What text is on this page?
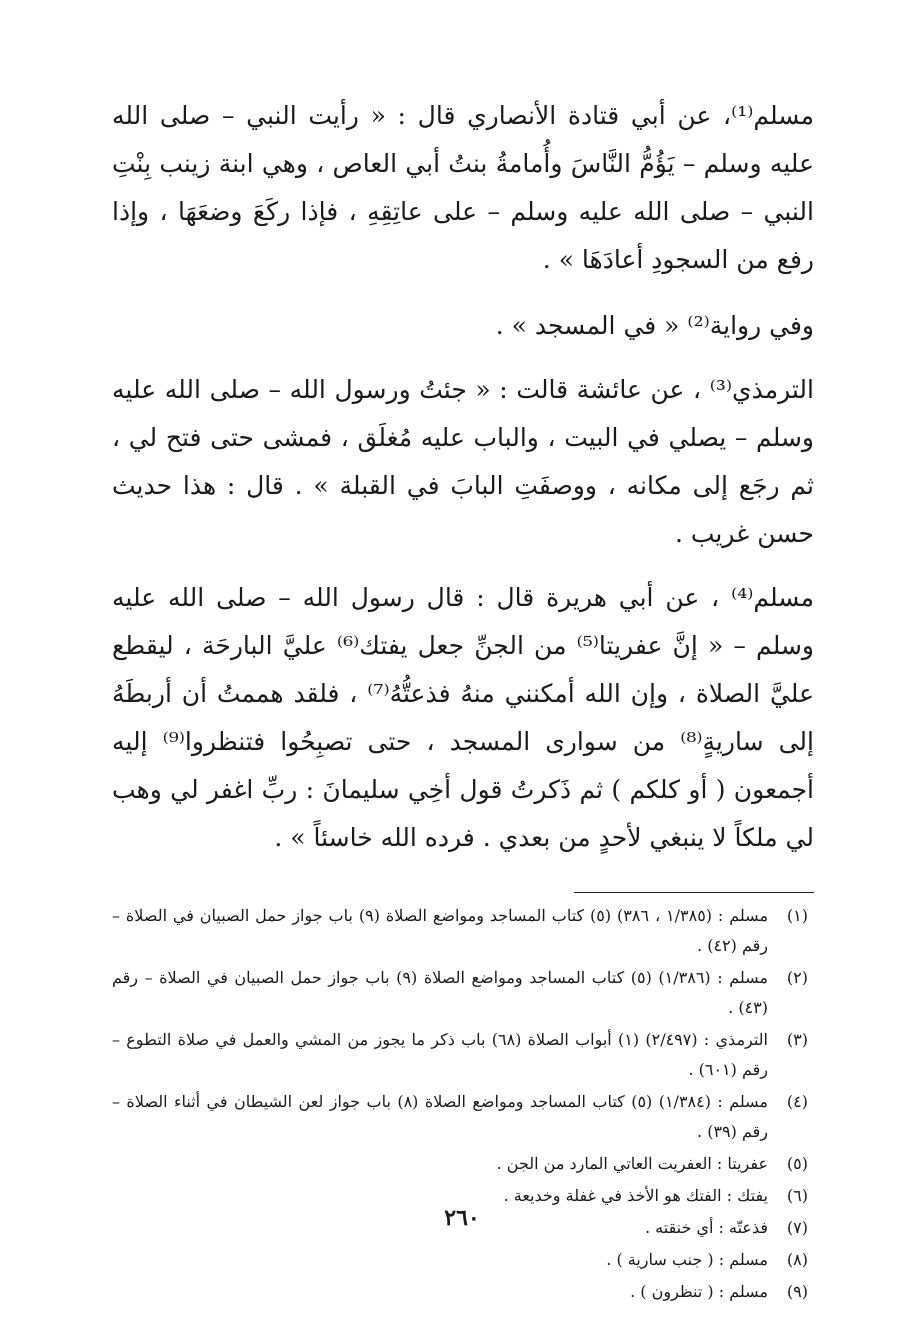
مسلم⁽¹⁾، عن أبي قتادة الأنصاري قال : « رأيت النبي – صلى الله عليه وسلم – يَؤُمُّ النَّاسَ وأُمامةُ بنتُ أبي العاص ، وهي ابنة زينب بِنْتِ النبي – صلى الله عليه وسلم – على عاتِقِهِ ، فإذا ركَعَ وضعَهَا ، وإذا رفع من السجودِ أعادَهَا » .

وفي رواية⁽²⁾ « في المسجد » .

الترمذي⁽³⁾ ، عن عائشة قالت : « جئتُ ورسول الله – صلى الله عليه وسلم – يصلي في البيت ، والباب عليه مُغلَق ، فمشى حتى فتح لي ، ثم رجَع إلى مكانه ، ووصفَتِ البابَ في القبلة » . قال : هذا حديث حسن غريب .

مسلم⁽⁴⁾ ، عن أبي هريرة قال : قال رسول الله – صلى الله عليه وسلم – « إنَّ عفريتا⁽⁵⁾ من الجنِّ جعل يفتك⁽⁶⁾ عليَّ البارحَة ، ليقطع عليَّ الصلاة ، وإن الله أمكنني منهُ فذعتُّهُ⁽⁷⁾ ، فلقد هممتُ أن أربطَهُ إلى ساريةٍ⁽⁸⁾ من سوارى المسجد ، حتى تصبِحُوا فتنظروا⁽⁹⁾ إليه أجمعون ( أو كلكم ) ثم ذَكرتُ قول أخِي سليمانَ : ربِّ اغفر لي وهب لي ملكاً لا ينبغي لأحدٍ من بعدي . فرده الله خاسئاً » .

(١)
مسلم : (١/٣٨٥ ، ٣٨٦) (٥) كتاب المساجد ومواضع الصلاة (٩) باب جواز حمل الصبيان في الصلاة – رقم (٤٢) .
(٢)
مسلم : (١/٣٨٦) (٥) كتاب المساجد ومواضع الصلاة (٩) باب جواز حمل الصبيان في الصلاة – رقم (٤٣) .
(٣)
الترمذي : (٢/٤٩٧) (١) أبواب الصلاة (٦٨) باب ذكر ما يجوز من المشي والعمل في صلاة التطوع – رقم (٦٠١) .
(٤)
مسلم : (١/٣٨٤) (٥) كتاب المساجد ومواضع الصلاة (٨) باب جواز لعن الشيطان في أثناء الصلاة – رقم (٣٩) .
(٥)
عفريتا : العفريت العاتي المارد من الجن .
(٦)
يفتك : الفتك هو الأخذ في غفلة وخديعة .
(٧)
فذعتّه : أي خنقته .
(٨)
مسلم : ( جنب سارية ) .
(٩)
مسلم : ( تنظرون ) .
٢٦٠
